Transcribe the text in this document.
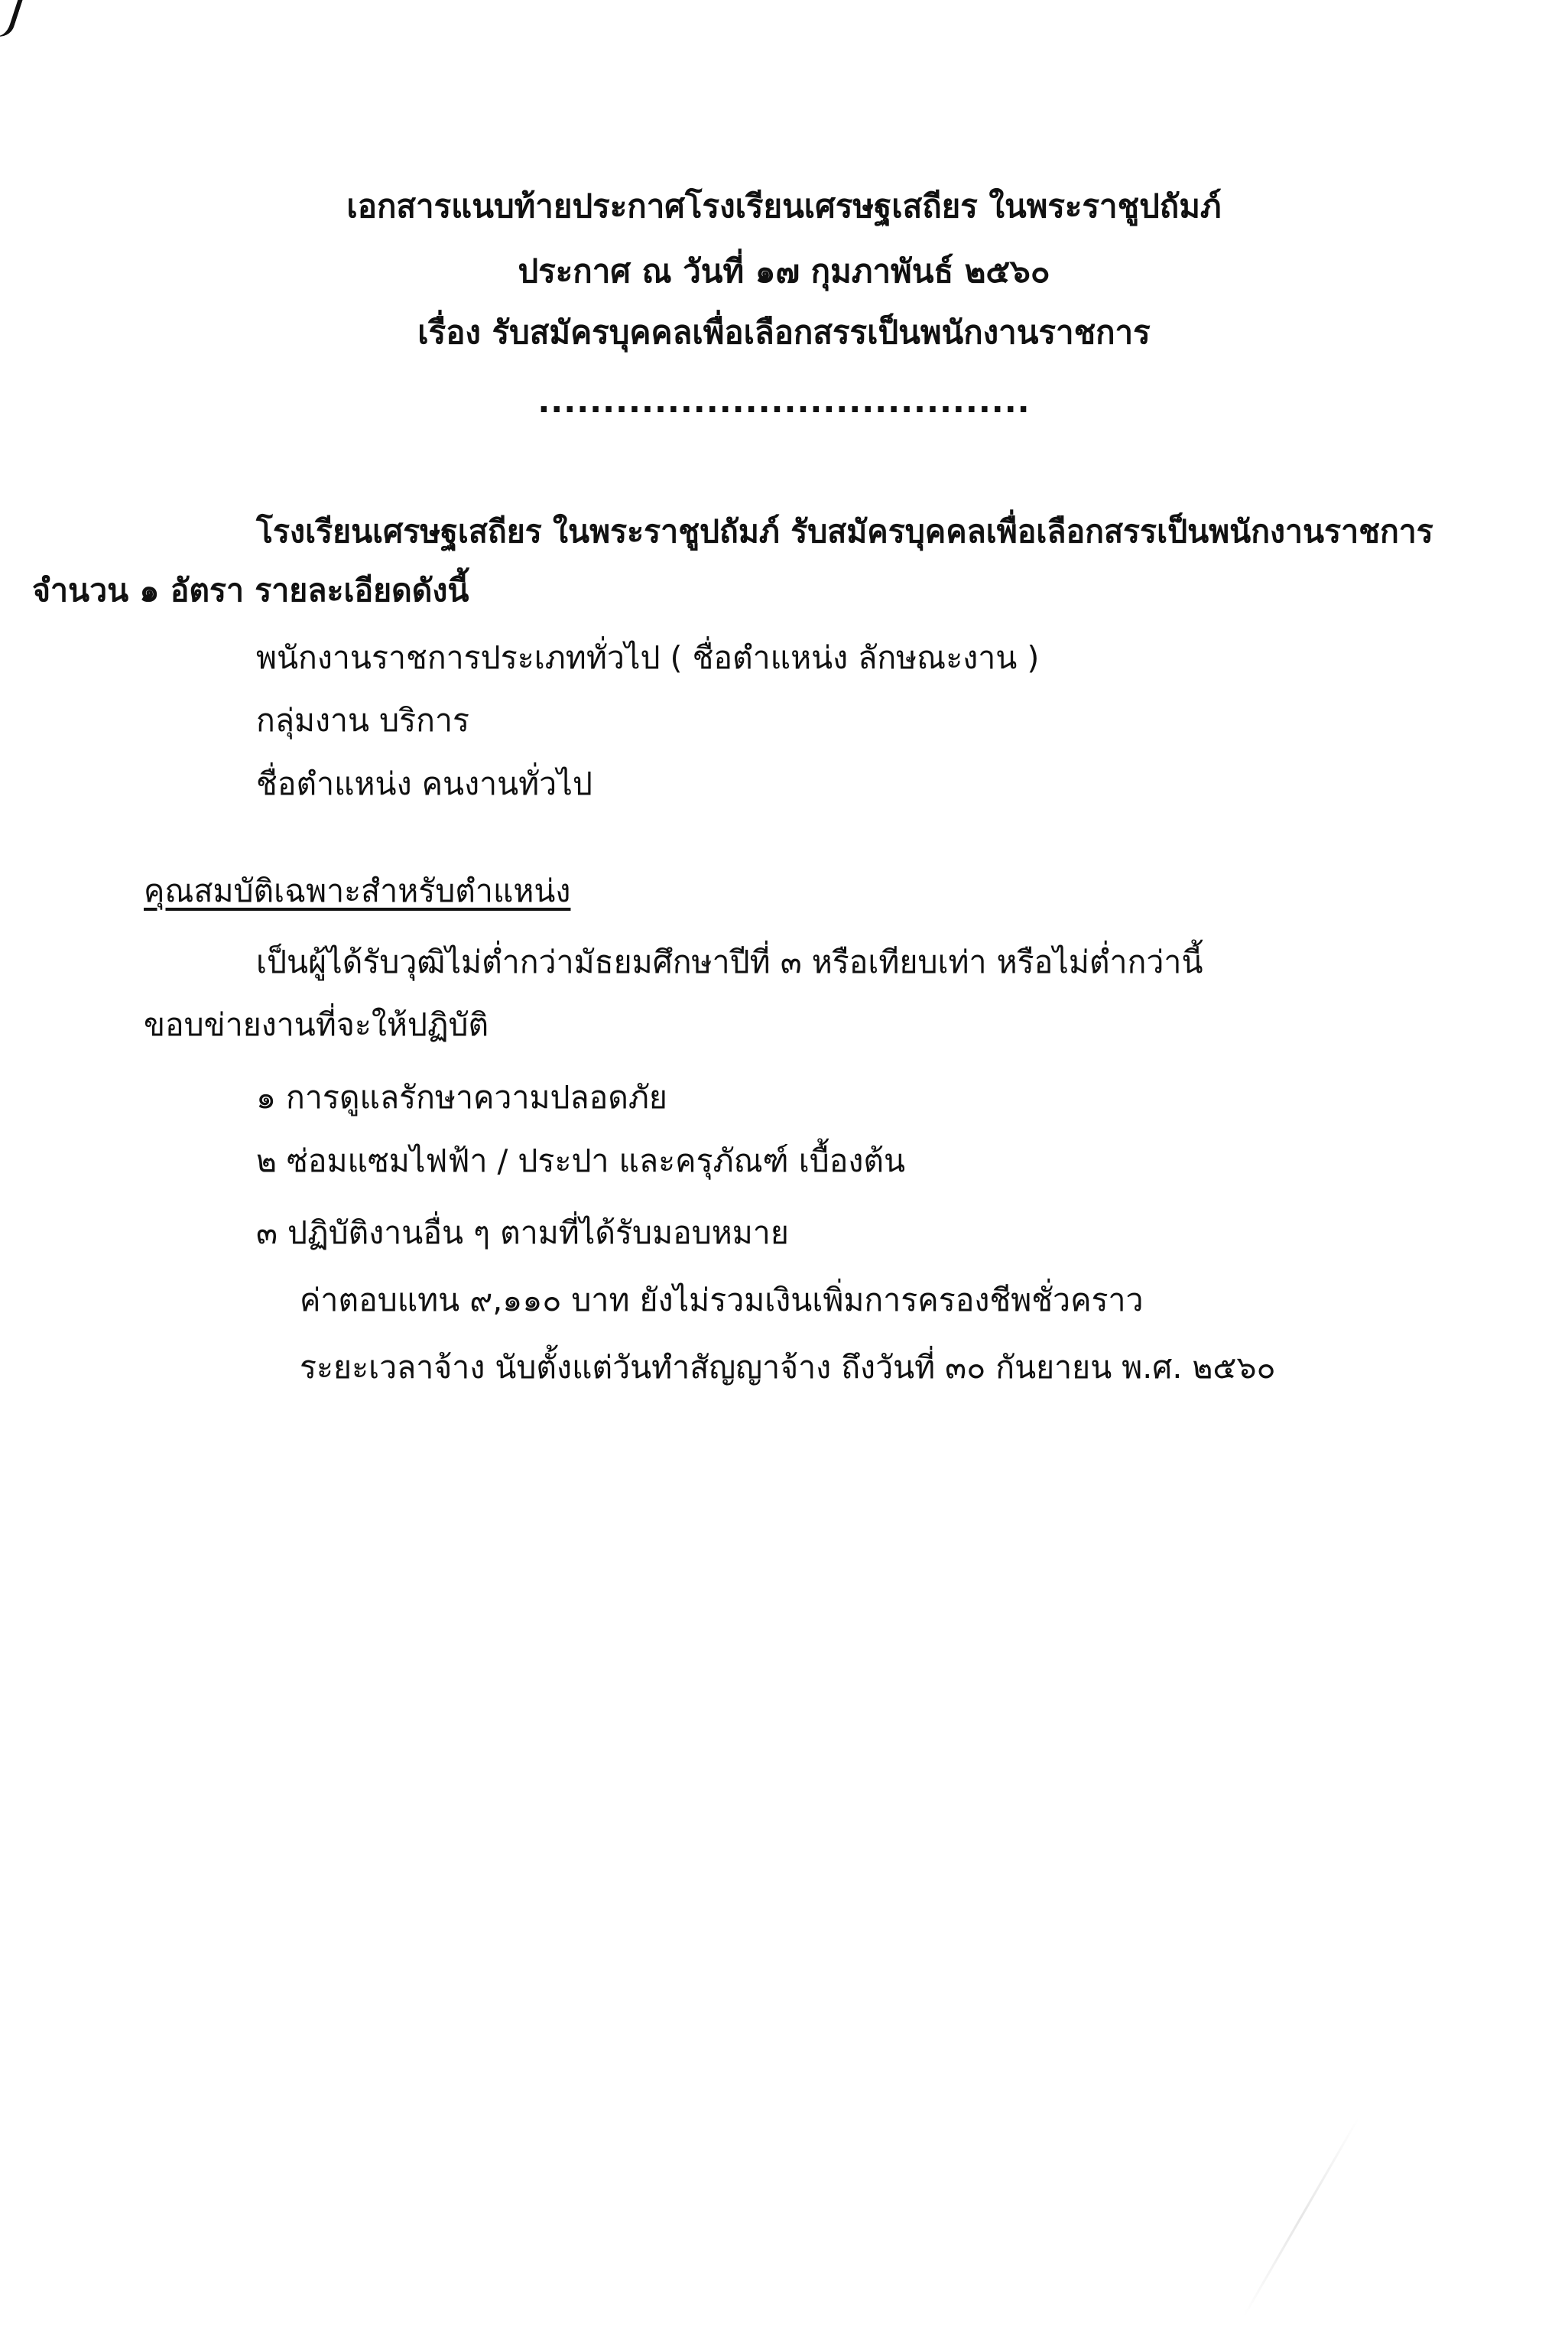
เอกสารแนบท้ายประกาศโรงเรียนเศรษฐเสถียร ในพระราชูปถัมภ์
ประกาศ ณ วันที่ ๑๗ กุมภาพันธ์ ๒๕๖๐
เรื่อง รับสมัครบุคคลเพื่อเลือกสรรเป็นพนักงานราชการ
......................................
โรงเรียนเศรษฐเสถียร ในพระราชูปถัมภ์ รับสมัครบุคคลเพื่อเลือกสรรเป็นพนักงานราชการ
จำนวน ๑ อัตรา รายละเอียดดังนี้
พนักงานราชการประเภททั่วไป ( ชื่อตำแหน่ง ลักษณะงาน )
กลุ่มงาน บริการ
ชื่อตำแหน่ง คนงานทั่วไป
คุณสมบัติเฉพาะสำหรับตำแหน่ง
เป็นผู้ได้รับวุฒิไม่ต่ำกว่ามัธยมศึกษาปีที่ ๓ หรือเทียบเท่า หรือไม่ต่ำกว่านี้
ขอบข่ายงานที่จะให้ปฏิบัติ
๑ การดูแลรักษาความปลอดภัย
๒ ซ่อมแซมไฟฟ้า / ประปา และครุภัณฑ์ เบื้องต้น
๓ ปฏิบัติงานอื่น ๆ ตามที่ได้รับมอบหมาย
ค่าตอบแทน ๙,๑๑๐ บาท ยังไม่รวมเงินเพิ่มการครองชีพชั่วคราว
ระยะเวลาจ้าง นับตั้งแต่วันทำสัญญาจ้าง ถึงวันที่ ๓๐ กันยายน พ.ศ. ๒๕๖๐
